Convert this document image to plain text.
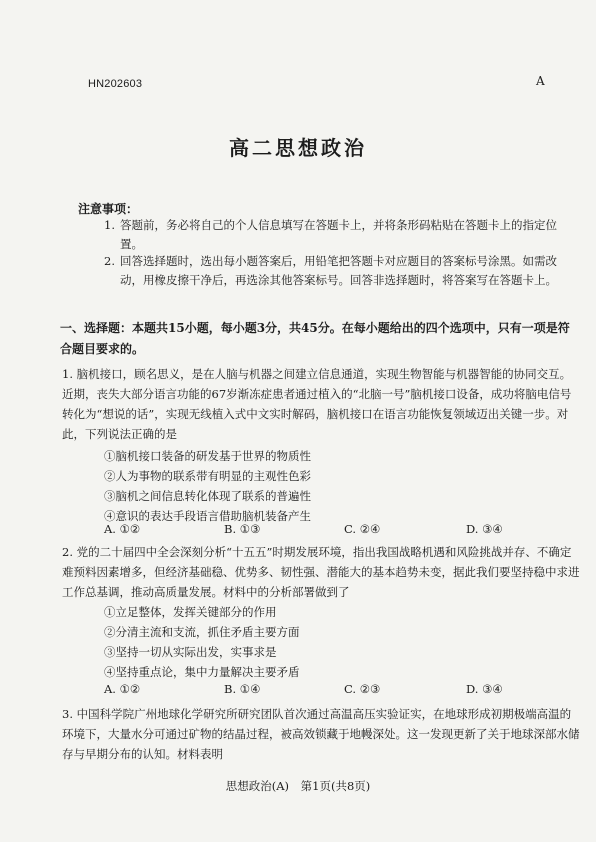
HN202603	A
高二思想政治
注意事项：
1. 答题前，务必将自己的个人信息填写在答题卡上，并将条形码粘贴在答题卡上的指定位置。
2. 回答选择题时，选出每小题答案后，用铅笔把答题卡对应题目的答案标号涂黑。如需改动，用橡皮擦干净后，再选涂其他答案标号。回答非选择题时，将答案写在答题卡上。
一、选择题：本题共15小题，每小题3分，共45分。在每小题给出的四个选项中，只有一项是符合题目要求的。
1. 脑机接口，顾名思义，是在人脑与机器之间建立信息通道，实现生物智能与机器智能的协同交互。近期，丧失大部分语言功能的67岁渐冻症患者通过植入的“北脑一号”脑机接口设备，成功将脑电信号转化为“想说的话”，实现无线植入式中文实时解码，脑机接口在语言功能恢复领域迈出关键一步。对此，下列说法正确的是
①脑机接口装备的研发基于世界的物质性
②人为事物的联系带有明显的主观性色彩
③脑机之间信息转化体现了联系的普遍性
④意识的表达手段语言借助脑机装备产生
A. ①②	B. ①③	C. ②④	D. ③④
2. 党的二十届四中全会深刻分析“十五五”时期发展环境，指出我国战略机遇和风险挑战并存、不确定难预料因素增多，但经济基础稳、优势多、韧性强、潜能大的基本趋势未变，据此我们要坚持稳中求进工作总基调，推动高质量发展。材料中的分析部署做到了
①立足整体，发挥关键部分的作用
②分清主流和支流，抓住矛盾主要方面
③坚持一切从实际出发，实事求是
④坚持重点论，集中力量解决主要矛盾
A. ①②	B. ①④	C. ②③	D. ③④
3. 中国科学院广州地球化学研究所研究团队首次通过高温高压实验证实，在地球形成初期极端高温的环境下，大量水分可通过矿物的结晶过程，被高效锁藏于地幔深处。这一发现更新了关于地球深部水储存与早期分布的认知。材料表明
思想政治(A) 第1页(共8页)
